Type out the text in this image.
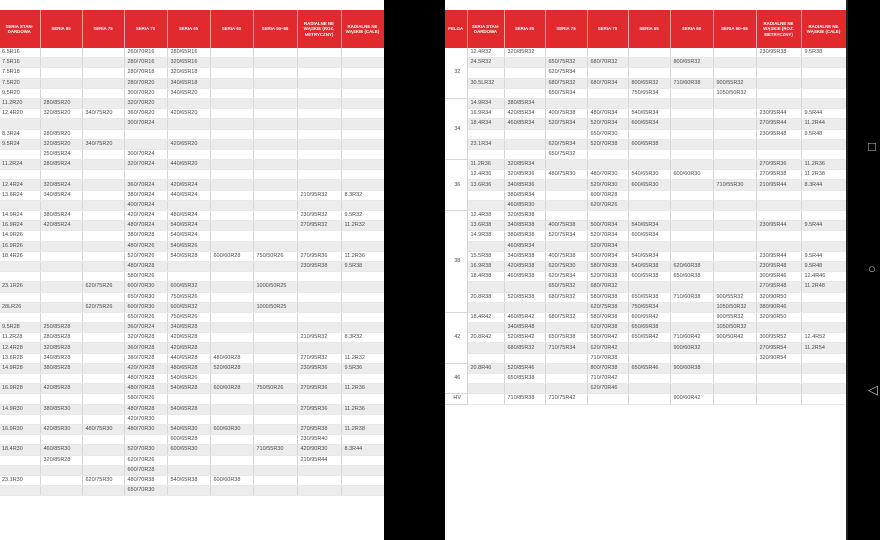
SERIA STAN-DARDOWA	SERIA 85	SERIA 75	SERIA 70	SERIA 65	SERIA 60	SERIA 50–55	RADIALNE NE WĄSKIE (ROZ. METRYCZNY)	RADIALNE NE WĄSKIE (CALE)
6.5R16			260/70R16	280/65R16				
7.5R16			280/70R16	320/65R16				
7.5R18			280/70R18	320/65R18				
7.5R20			280/70R20	340/65R18				
9.5R20			300/70R20	340/65R20				
11.2R20	280/85R20		320/70R20					
12.4R20	320/85R20	340/75R20	360/70R20	420/65R20				
			300/70R24					
8.3R24	280/85R20							
9.5R24	320/85R20	340/75R20		420/65R20				
	250/85R24		300/70R24					
11.2R24	280/85R24		320/70R24	440/65R20				

12.4R24	320/85R24		360/70R24	420/65R24				
13.6R24	340/85R24		380/70R24	440/65R24			210/95R32	8.3R32
			400/70R24					
14.9R24	380/85R24		420/70R24	480/65R24			230/95R32	9.5R32
16.9R24	420/85R24		480/70R24	540/65R24			270/95R32	11.2R32
14.9R26			380/70R28	540/65R24				
16.9R26			480/70R26	540/65R26				
18.4R26			520/70R26	540/65R28	600/60R28	750/50R26	270/95R36	11.2R36
			480/70R28				230/95R38	9.5R38
			580/70R26					
23.1R26		620/75R26	600/70R30	600/65R32		1000/50R25		
			650/70R30	750/65R26				
28LR26		620/75R26	600/70R30	600/65R32		1000/50R25		
			650/70R26	750/65R26				
9.5R28	250/85R28		360/70R24	340/65R28				
11.2R28	280/85R28		320/70R28	420/65R28			210/95R32	8.3R32
12.4R28	320/85R28		360/70R28	420/65R28				
13.6R28	340/85R28		380/70R28	440/65R28	480/60R28		270/95R32	11.2R32
14.9R28	380/85R28		420/70R28	480/65R28	520/60R28		230/95R36	9.5R36
			480/70R28	540/65R26				
16.9R28	420/85R28		480/70R28	540/65R28	600/60R28	750/50R26	270/95R36	11.2R36
			580/70R26					
14.9R30	380/85R30		480/70R28	540/65R28			270/95R36	11.2R36
			420/70R30					
16.9R30	420/85R30	480/75R30	480/70R30	540/65R30	600/60R30		270/95R38	11.2R38
				600/65R28			230/95R40	
18.4R30	460/85R30		520/70R30	600/65R30		710/55R30	420/90R30	8.3R44
	320/85R28		620/70R26				210/95R44	
			600/70R28					
23.1R30		620/75R30	480/70R38	540/65R38	600/60R38			
			650/70R30					
FELGA	SERIA STAN-DARDOWA	SERIA 85	SERIA 75	SERIA 70	SERIA 65	SERIA 60	SERIA 50–55	RADIALNE NE WĄSKIE (ROZ. METRYCZNY)	RADIALNE NE WĄSKIE (CALE)
32	12.4R32	320/85R32						230/95R38	9.5R38
	24.5R32		650/75R32	680/70R32		800/65R32			
			620/75R34						
	30.5LR32		680/75R32	680/70R34	800/65R32	710/60R38	900/55R32		
			650/75R34		750/65R34		1050/50R32		
34	14.9R34	380/85R34							
	16.9R34	420/85R34	400/75R38	480/70R34	540/65R34			230/95R44	9.5R44
	18.4R34	460/85R34	520/75R34	520/70R34	600/65R34			270/95R44	11.2R44
				650/70R30				230/95R48	9.5R48
	23.1R34		620/75R34	520/70R38	600/65R38				
			650/75R32						
36	11.2R36	320/85R34						270/95R36	11.2R36
	12.4R36	320/85R36	480/75R30	480/70R30	540/65R30	600/60R30		270/95R38	11.2R38
	13.6R36	340/85R36		520/70R30	600/65R30		710/55R30	210/95R44	8.3R44
		380/85R34		600/70R28					
		460/85R30		620/70R26					
38	12.4R38	320/85R38							
	13.6R38	340/85R38	400/75R38	500/70R34	540/65R34			230/95R44	9.5R44
	14.9R38	380/85R38	520/75R34	520/70R34	600/65R34				
		460/85R34		520/70R34					
	15.5R38	340/85R38	400/75R38	500/70R34	540/65R34			230/95R44	9.5R44
	16.9R38	420/85R38	620/75R30	580/70R38	540/65R38	620/60R38		230/95R48	9.5R48
	18.4R38	460/85R38	620/75R34	520/70R38	600/65R38	650/60R38		300/95R46	12.4R46
			650/75R32	680/70R32				270/95R48	11.2R48
	20.8R38	520/85R38	680/75R32	580/70R38	650/65R38	710/60R38	900/55R32	320/90R50	
				620/75R38	750/65R34		1050/50R32	380/90R46	
42	18.4R42	460/85R42	680/75R32	580/70R38	600/65R42		900/55R32	320/90R50	
		340/85R48		620/70R38	650/65R38		1050/50R32		
	20.8R42	520/85R42	650/75R38	580/70R42	650/65R42	710/60R42	900/50R42	300/95R52	12.4R52
		680/85R32	710/75R34	620/70R42		900/60R32		270/95R54	11.2R54
				710/70R38				320/90R54	
46	20.8R46	520/85R46		800/70R38	650/65R46	900/60R38			
		650/85R38		710/70R42					
				620/70R46					
HV		710/85R38	710/75R42			900/60R42			
□
○
◁
